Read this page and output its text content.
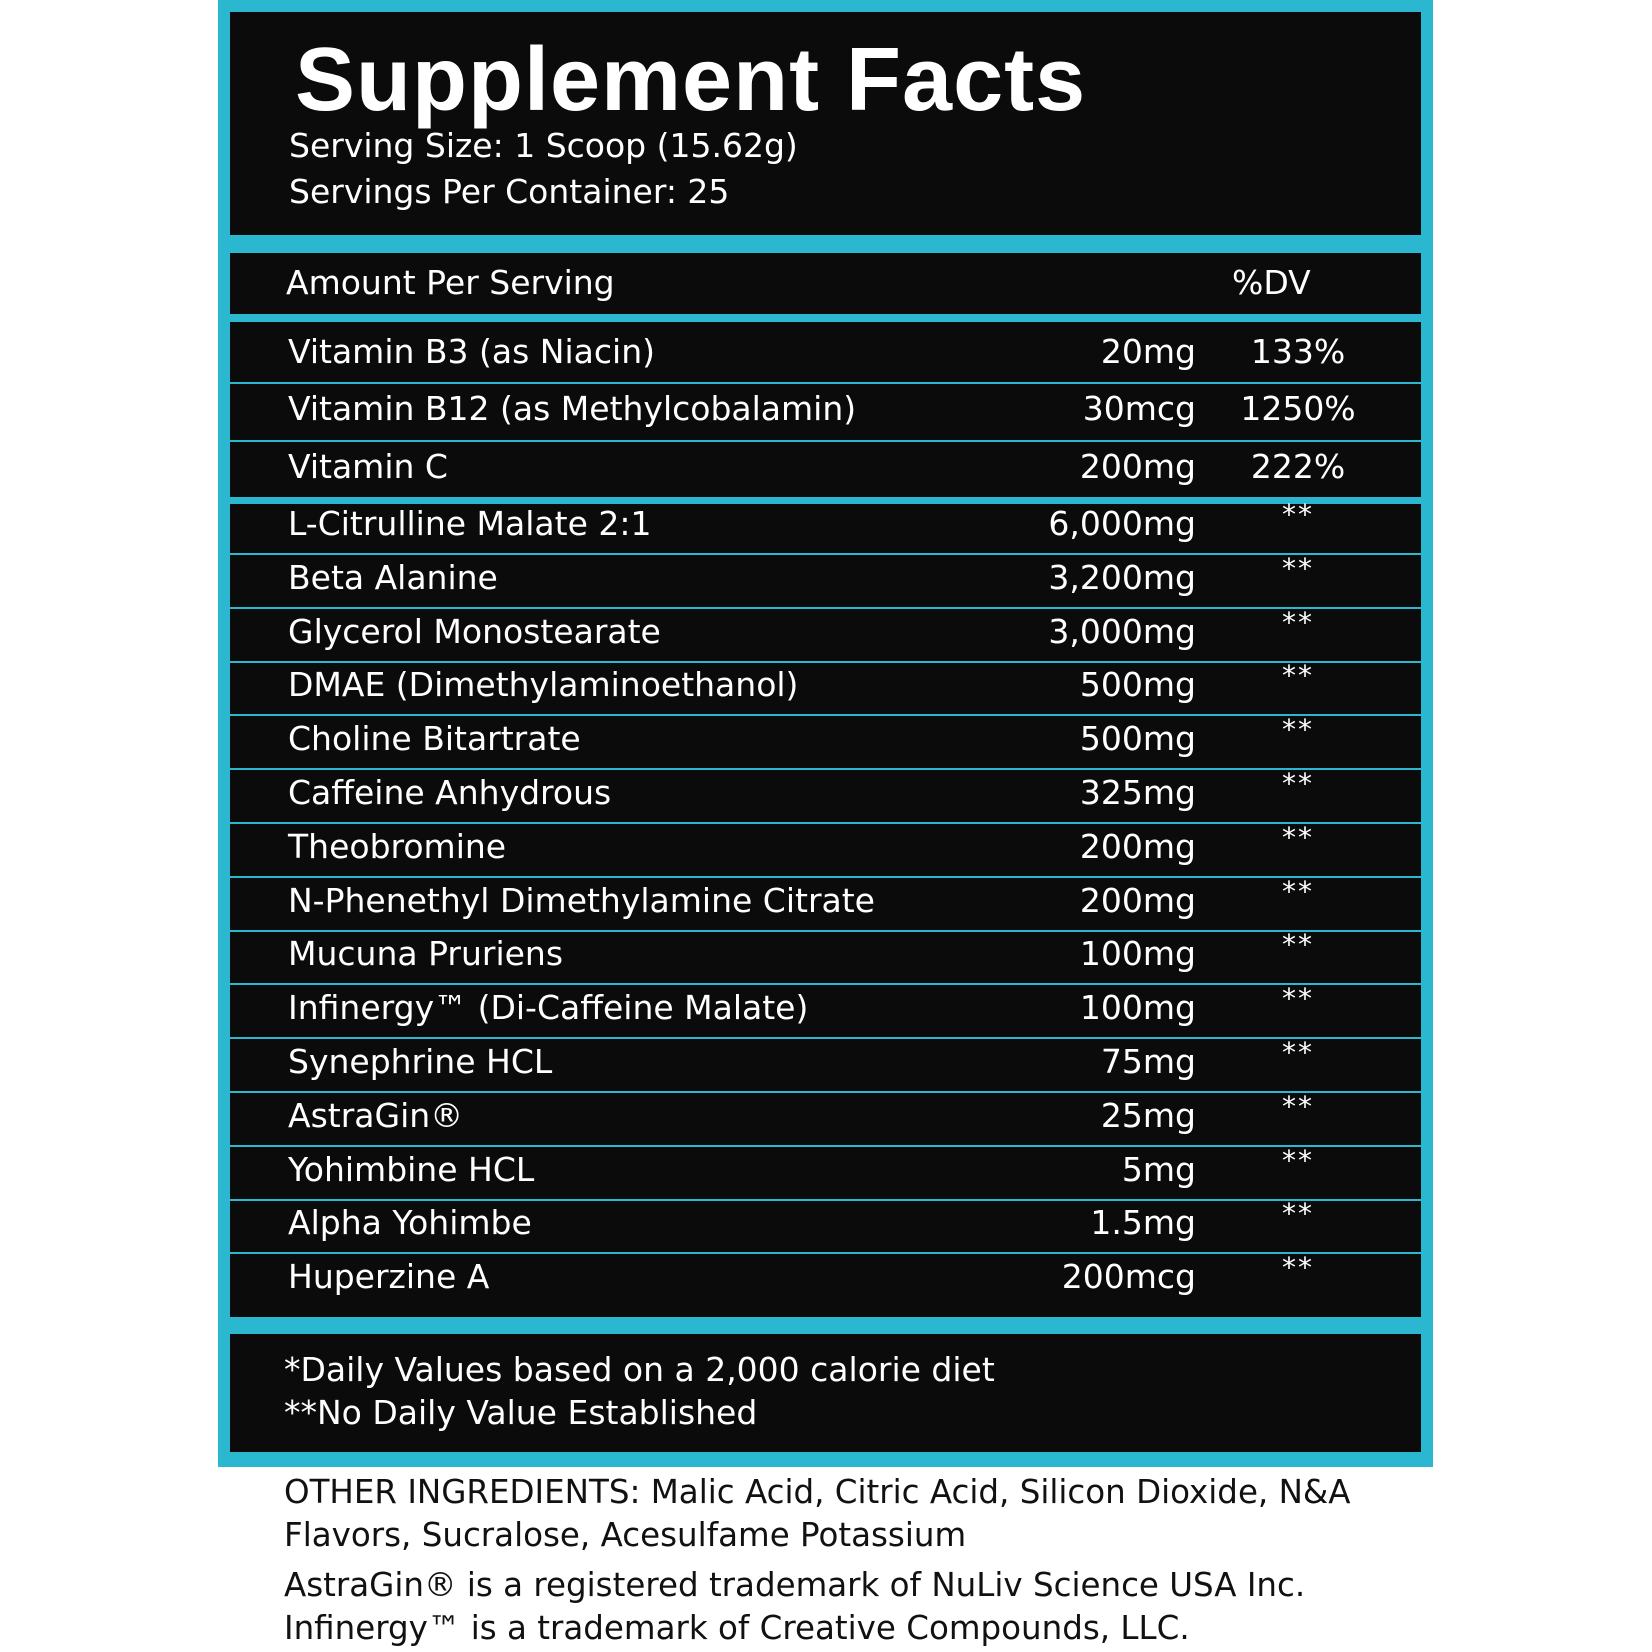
Supplement Facts
Serving Size: 1 Scoop (15.62g)
Servings Per Container: 25
Amount Per Serving	%DV
Vitamin B3 (as Niacin)	20mg	133%
Vitamin B12 (as Methylcobalamin)	30mcg 1250%
Vitamin C	200mg	222%
L-Citrulline Malate 2:1	6,000mg	**
Beta Alanine	3,200mg	**
Glycerol Monostearate	3,000mg	**
DMAE (Dimethylaminoethanol)	500mg	**
Choline Bitartrate	500mg	**
Caffeine Anhydrous	325mg	**
Theobromine	200mg	**
N-Phenethyl Dimethylamine Citrate	200mg	**
Mucuna Pruriens	100mg	**
Infinergy™ (Di-Caffeine Malate)	100mg	**
Synephrine HCL	75mg	**
AstraGin®	25mg	**
Yohimbine HCL	5mg	**
Alpha Yohimbe	1.5mg	**
Huperzine A	200mcg	**
*Daily Values based on a 2,000 calorie diet
**No Daily Value Established

OTHER INGREDIENTS: Malic Acid, Citric Acid, Silicon Dioxide, N&A

Flavors, Sucralose, Acesulfame Potassium

AstraGin® is a registered trademark of NuLiv Science USA Inc.

Infinergy™ is a trademark of Creative Compounds, LLC.
